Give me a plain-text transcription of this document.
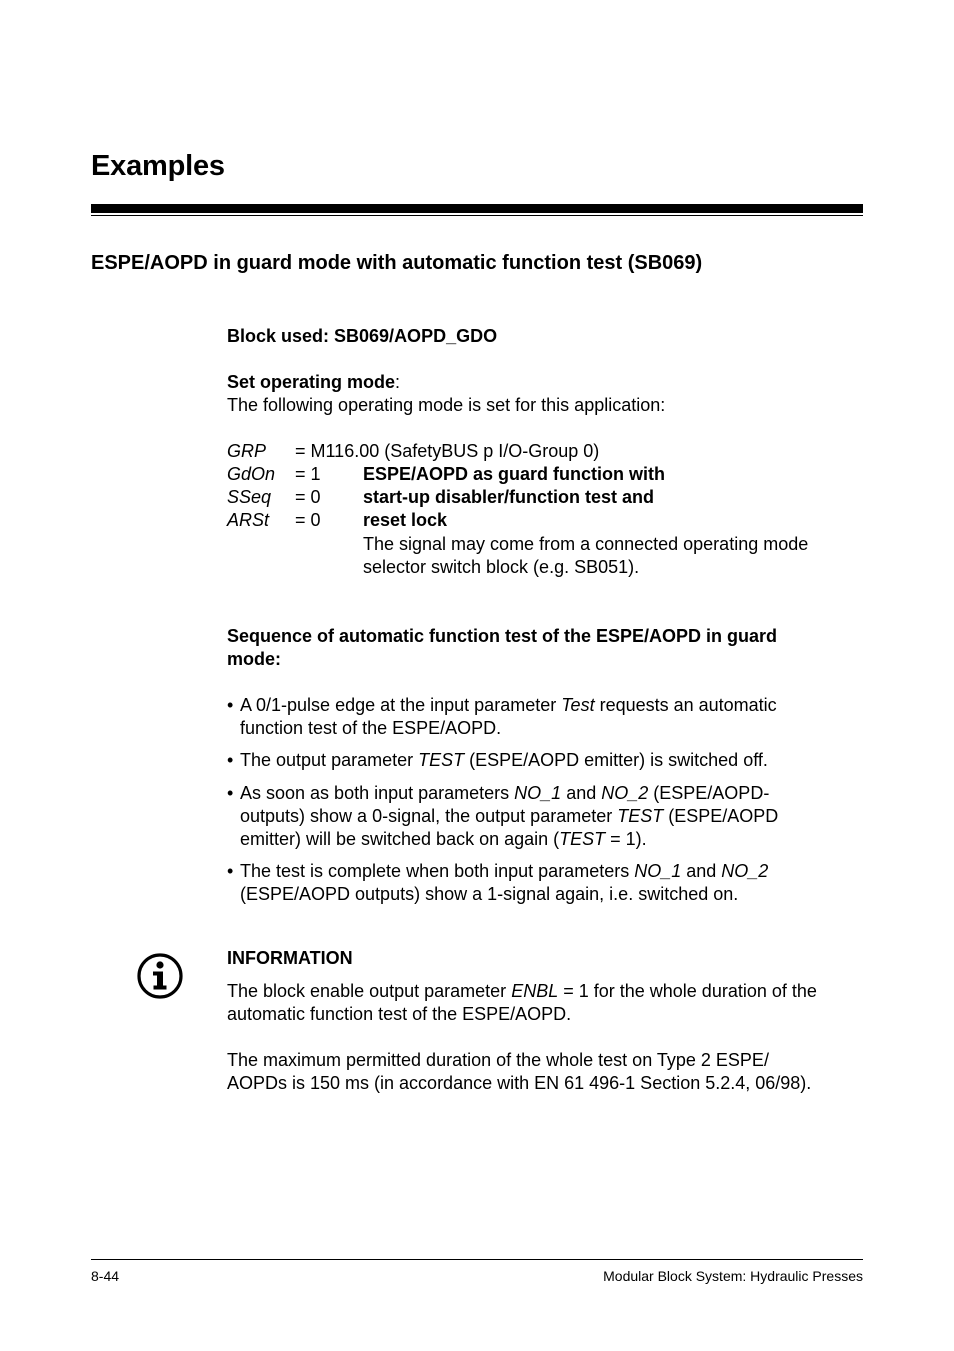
Examples
ESPE/AOPD in guard mode with automatic function test (SB069)
Block used: SB069/AOPD_GDO
Set operating mode:
The following operating mode is set for this application:
GRP = M116.00 (SafetyBUS p I/O-Group 0)
GdOn = 1 ESPE/AOPD as guard function with
SSeq = 0 start-up disabler/function test and
ARSt = 0 reset lock
The signal may come from a connected operating mode
selector switch block (e.g. SB051).
Sequence of automatic function test of the ESPE/AOPD in guard
mode:
• A 0/1-pulse edge at the input parameter Test requests an automatic
function test of the ESPE/AOPD.
• The output parameter TEST (ESPE/AOPD emitter) is switched off.
• As soon as both input parameters NO_1 and NO_2 (ESPE/AOPD-
outputs) show a 0-signal, the output parameter TEST (ESPE/AOPD
emitter) will be switched back on again (TEST = 1).
• The test is complete when both input parameters NO_1 and NO_2
(ESPE/AOPD outputs) show a 1-signal again, i.e. switched on.
INFORMATION
The block enable output parameter ENBL = 1 for the whole duration of the
automatic function test of the ESPE/AOPD.
The maximum permitted duration of the whole test on Type 2 ESPE/
AOPDs is 150 ms (in accordance with EN 61 496-1 Section 5.2.4, 06/98).
8-44	Modular Block System: Hydraulic Presses
